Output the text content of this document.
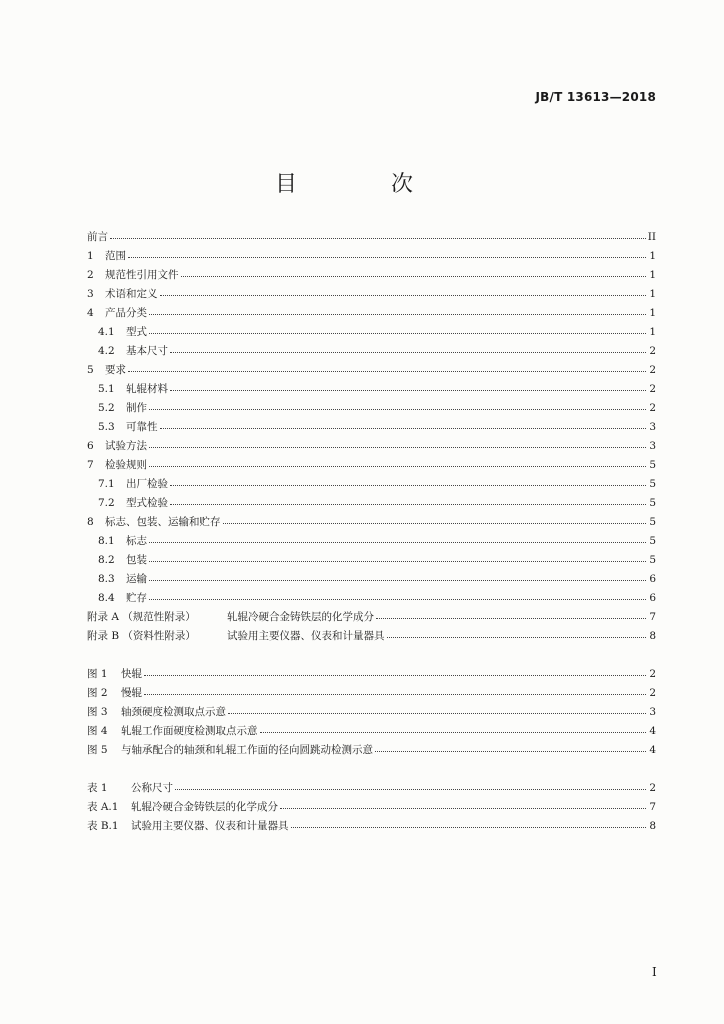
JB/T 13613—2018
目　次
前言	II
1	范围	1
2	规范性引用文件	1
3	术语和定义	1
4	产品分类	1
4.1	型式	1
4.2	基本尺寸	2
5	要求	2
5.1	轧辊材料	2
5.2	制作	2
5.3	可靠性	3
6	试验方法	3
7	检验规则	5
7.1	出厂检验	5
7.2	型式检验	5
8	标志、包装、运输和贮存	5
8.1	标志	5
8.2	包装	5
8.3	运输	6
8.4	贮存	6
附录 A （规范性附录）	轧辊冷硬合金铸铁层的化学成分	7
附录 B （资料性附录）	试验用主要仪器、仪表和计量器具	8
图 1	快辊	2
图 2	慢辊	2
图 3	轴颈硬度检测取点示意	3
图 4	轧辊工作面硬度检测取点示意	4
图 5	与轴承配合的轴颈和轧辊工作面的径向圆跳动检测示意	4
表 1	公称尺寸	2
表 A.1	轧辊冷硬合金铸铁层的化学成分	7
表 B.1	试验用主要仪器、仪表和计量器具	8
I
